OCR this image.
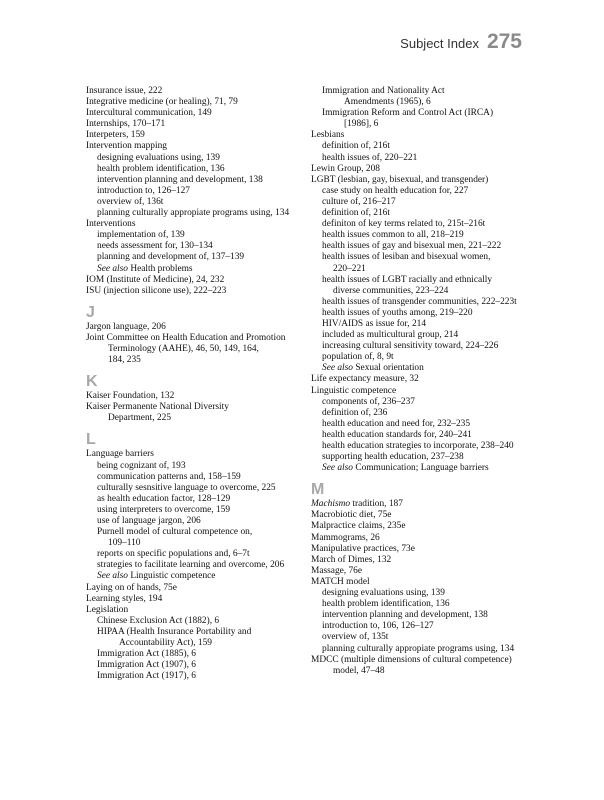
Subject Index 275
Insurance issue, 222
Integrative medicine (or healing), 71, 79
Intercultural communication, 149
Internships, 170–171
Interpeters, 159
Intervention mapping
designing evaluations using, 139
health problem identification, 136
intervention planning and development, 138
introduction to, 126–127
overview of, 136t
planning culturally appropiate programs using, 134
Interventions
implementation of, 139
needs assessment for, 130–134
planning and development of, 137–139
See also Health problems
IOM (Institute of Medicine), 24, 232
ISU (injection silicone use), 222–223
J
Jargon language, 206
Joint Committee on Health Education and Promotion
Terminology (AAHE), 46, 50, 149, 164,
184, 235
K
Kaiser Foundation, 132
Kaiser Permanente National Diversity
Department, 225
L
Language barriers
being cognizant of, 193
communication patterns and, 158–159
culturally sesnsitive language to overcome, 225
as health education factor, 128–129
using interpreters to overcome, 159
use of language jargon, 206
Purnell model of cultural competence on,
109–110
reports on specific populations and, 6–7t
strategies to facilitate learning and overcome, 206
See also Linguistic competence
Laying on of hands, 75e
Learning styles, 194
Legislation
Chinese Exclusion Act (1882), 6
HIPAA (Health Insurance Portability and
Accountability Act), 159
Immigration Act (1885), 6
Immigration Act (1907), 6
Immigration Act (1917), 6
Immigration and Nationality Act
Amendments (1965), 6
Immigration Reform and Control Act (IRCA)
[1986], 6
Lesbians
definition of, 216t
health issues of, 220–221
Lewin Group, 208
LGBT (lesbian, gay, bisexual, and transgender)
case study on health education for, 227
culture of, 216–217
definition of, 216t
definiton of key terms related to, 215t–216t
health issues common to all, 218–219
health issues of gay and bisexual men, 221–222
health issues of lesiban and bisexual women,
220–221
health issues of LGBT racially and ethnically
diverse communities, 223–224
health issues of transgender communities, 222–223t
health issues of youths among, 219–220
HIV/AIDS as issue for, 214
included as multicultural group, 214
increasing cultural sensitivity toward, 224–226
population of, 8, 9t
See also Sexual orientation
Life expectancy measure, 32
Linguistic competence
components of, 236–237
definition of, 236
health education and need for, 232–235
health education standards for, 240–241
health education strategies to incorporate, 238–240
supporting health education, 237–238
See also Communication; Language barriers
M
Machismo tradition, 187
Macrobiotic diet, 75e
Malpractice claims, 235e
Mammograms, 26
Manipulative practices, 73e
March of Dimes, 132
Massage, 76e
MATCH model
designing evaluations using, 139
health problem identification, 136
intervention planning and development, 138
introduction to, 106, 126–127
overview of, 135t
planning culturally appropiate programs using, 134
MDCC (multiple dimensions of cultural competence)
model, 47–48
